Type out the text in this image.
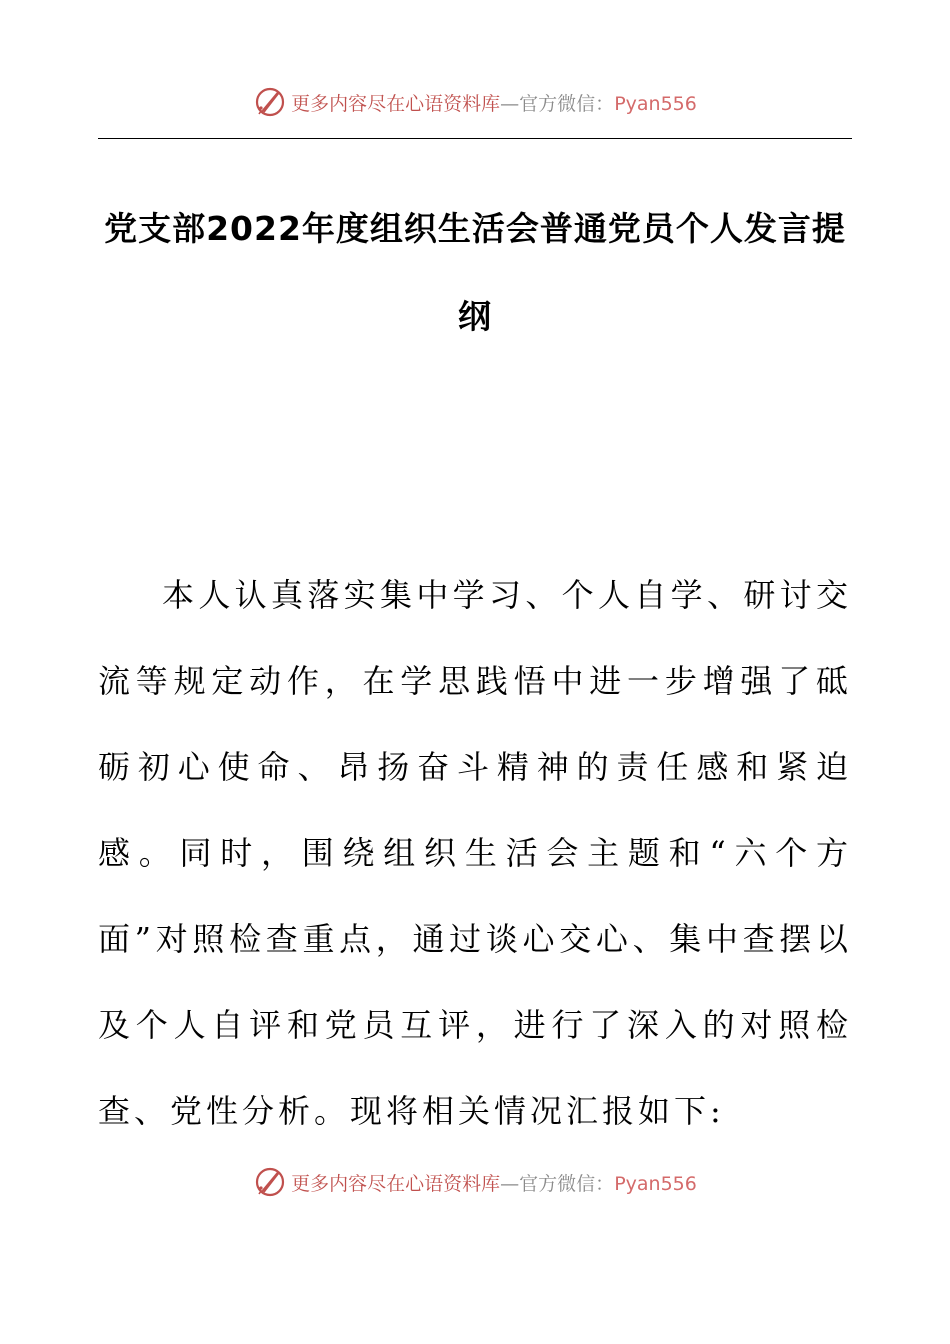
更多内容尽在心语资料库—官方微信：Pyan556
党支部2022年度组织生活会普通党员个人发言提纲

本人认真落实集中学习、个人自学、研讨交流等规定动作，在学思践悟中进一步增强了砥砺初心使命、昂扬奋斗精神的责任感和紧迫感。同时，围绕组织生活会主题和“六个方面”对照检查重点，通过谈心交心、集中查摆以及个人自评和党员互评，进行了深入的对照检查、党性分析。现将相关情况汇报如下:

更多内容尽在心语资料库—官方微信：Pyan556
